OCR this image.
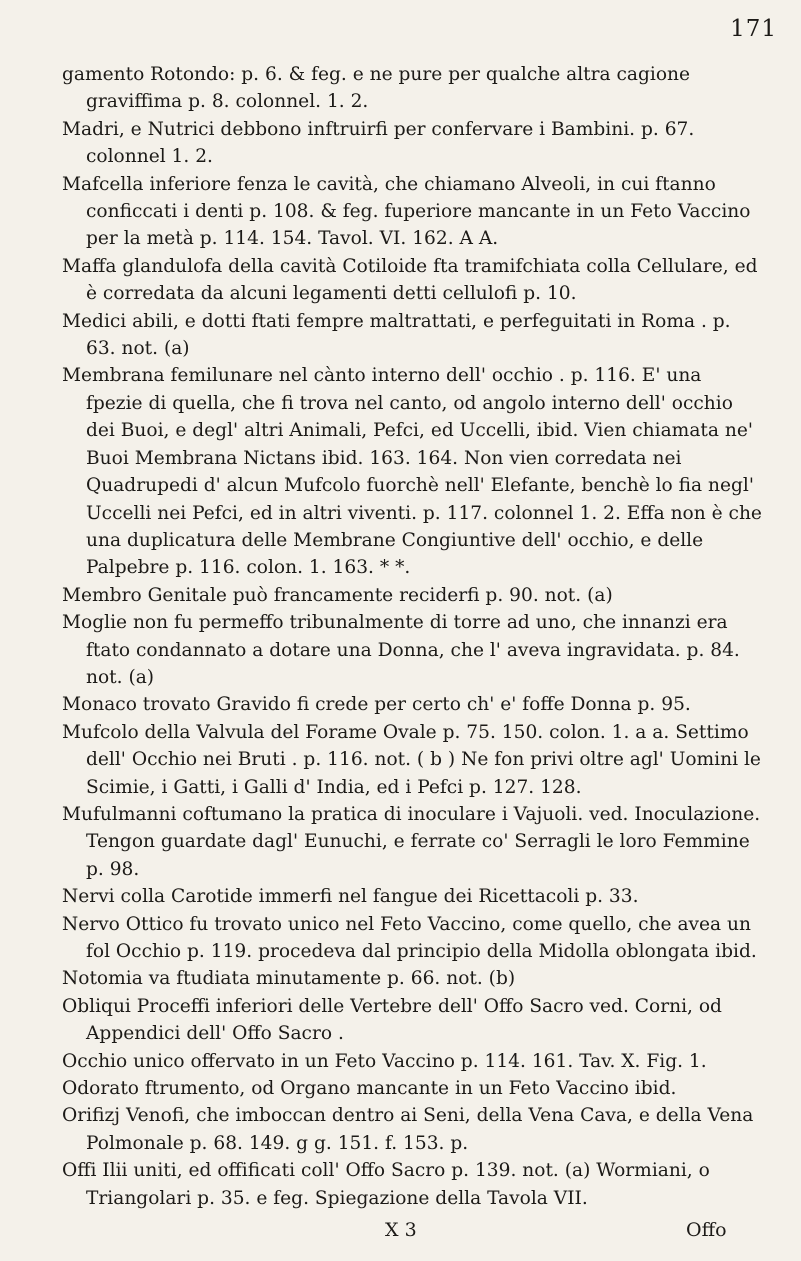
171

gamento Rotondo: p. 6. & feg. e ne pure per qualche altra cagione graviffima p. 8. colonnel. 1. 2.

Madri, e Nutrici debbono inftruirfi per confervare i Bambini. p. 67. colonnel 1. 2.

Mafcella inferiore fenza le cavità, che chiamano Alveoli, in cui ftanno conficcati i denti p. 108. & feg. fuperiore mancante in un Feto Vaccino per la metà p. 114. 154. Tavol. VI. 162. A A.

Maffa glandulofa della cavità Cotiloide fta tramifchiata colla Cellulare, ed è corredata da alcuni legamenti detti cellulofi p. 10.

Medici abili, e dotti ftati fempre maltrattati, e perfeguitati in Roma . p. 63. not. (a)

Membrana femilunare nel cànto interno dell' occhio . p. 116. E' una fpezie di quella, che fi trova nel canto, od angolo interno dell' occhio dei Buoi, e degl' altri Animali, Pefci, ed Uccelli, ibid. Vien chiamata ne' Buoi Membrana Nictans ibid. 163. 164. Non vien corredata nei Quadrupedi d' alcun Mufcolo fuorchè nell' Elefante, benchè lo fia negl' Uccelli nei Pefci, ed in altri viventi. p. 117. colonnel 1. 2. Effa non è che una duplicatura delle Membrane Congiuntive dell' occhio, e delle Palpebre p. 116. colon. 1. 163. * *.

Membro Genitale può francamente reciderfi p. 90. not. (a)

Moglie non fu permeffo tribunalmente di torre ad uno, che innanzi era ftato condannato a dotare una Donna, che l' aveva ingravidata. p. 84. not. (a)

Monaco trovato Gravido fi crede per certo ch' e' foffe Donna p. 95.

Mufcolo della Valvula del Forame Ovale p. 75. 150. colon. 1. a a. Settimo dell' Occhio nei Bruti . p. 116. not. ( b ) Ne fon privi oltre agl' Uomini le Scimie, i Gatti, i Galli d' India, ed i Pefci p. 127. 128.

Mufulmanni coftumano la pratica di inoculare i Vajuoli. ved. Inoculazione. Tengon guardate dagl' Eunuchi, e ferrate co' Serragli le loro Femmine p. 98.

Nervi colla Carotide immerfi nel fangue dei Ricettacoli p. 33.

Nervo Ottico fu trovato unico nel Feto Vaccino, come quello, che avea un fol Occhio p. 119. procedeva dal principio della Midolla oblongata ibid.

Notomia va ftudiata minutamente p. 66. not. (b)

Obliqui Proceffi inferiori delle Vertebre dell' Offo Sacro ved. Corni, od Appendici dell' Offo Sacro .

Occhio unico offervato in un Feto Vaccino p. 114. 161. Tav. X. Fig. 1.

Odorato ftrumento, od Organo mancante in un Feto Vaccino ibid.

Orifizj Venofi, che imboccan dentro ai Seni, della Vena Cava, e della Vena Polmonale p. 68. 149. g g. 151. f. 153. p.

Offi Ilii uniti, ed offificati coll' Offo Sacro p. 139. not. (a) Wormiani, o Triangolari p. 35. e feg. Spiegazione della Tavola VII.

X 3	Offo
